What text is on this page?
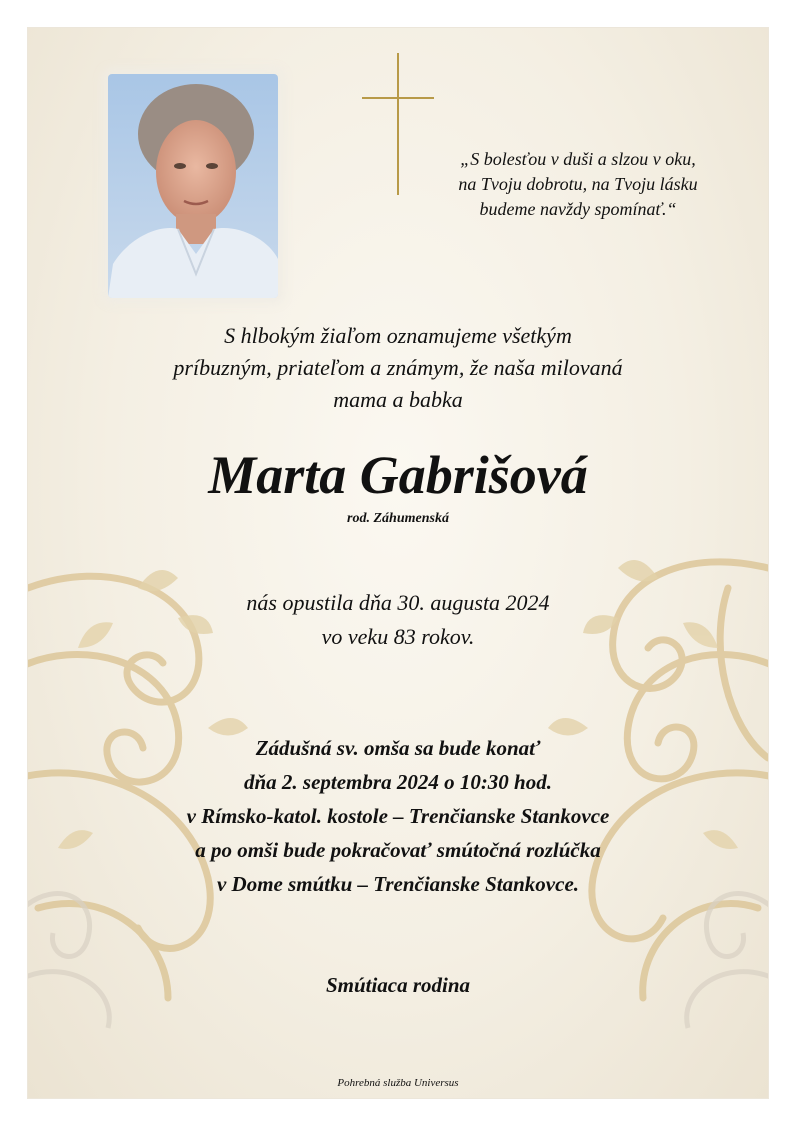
„S bolesťou v duši a slzou v oku,
na Tvoju dobrotu, na Tvoju lásku
budeme navždy spomínať.“
S hlbokým žiaľom oznamujeme všetkým
príbuzným, priateľom a známym, že naša milovaná
mama a babka
Marta Gabrišová
rod. Záhumenská
nás opustila dňa 30. augusta 2024
vo veku 83 rokov.
Zádušná sv. omša sa bude konať
dňa 2. septembra 2024 o 10:30 hod.
v Rímsko-katol. kostole – Trenčianske Stankovce
a po omši bude pokračovať smútočná rozlúčka
v Dome smútku – Trenčianske Stankovce.
Smútiaca rodina
Pohrebná služba Universus
